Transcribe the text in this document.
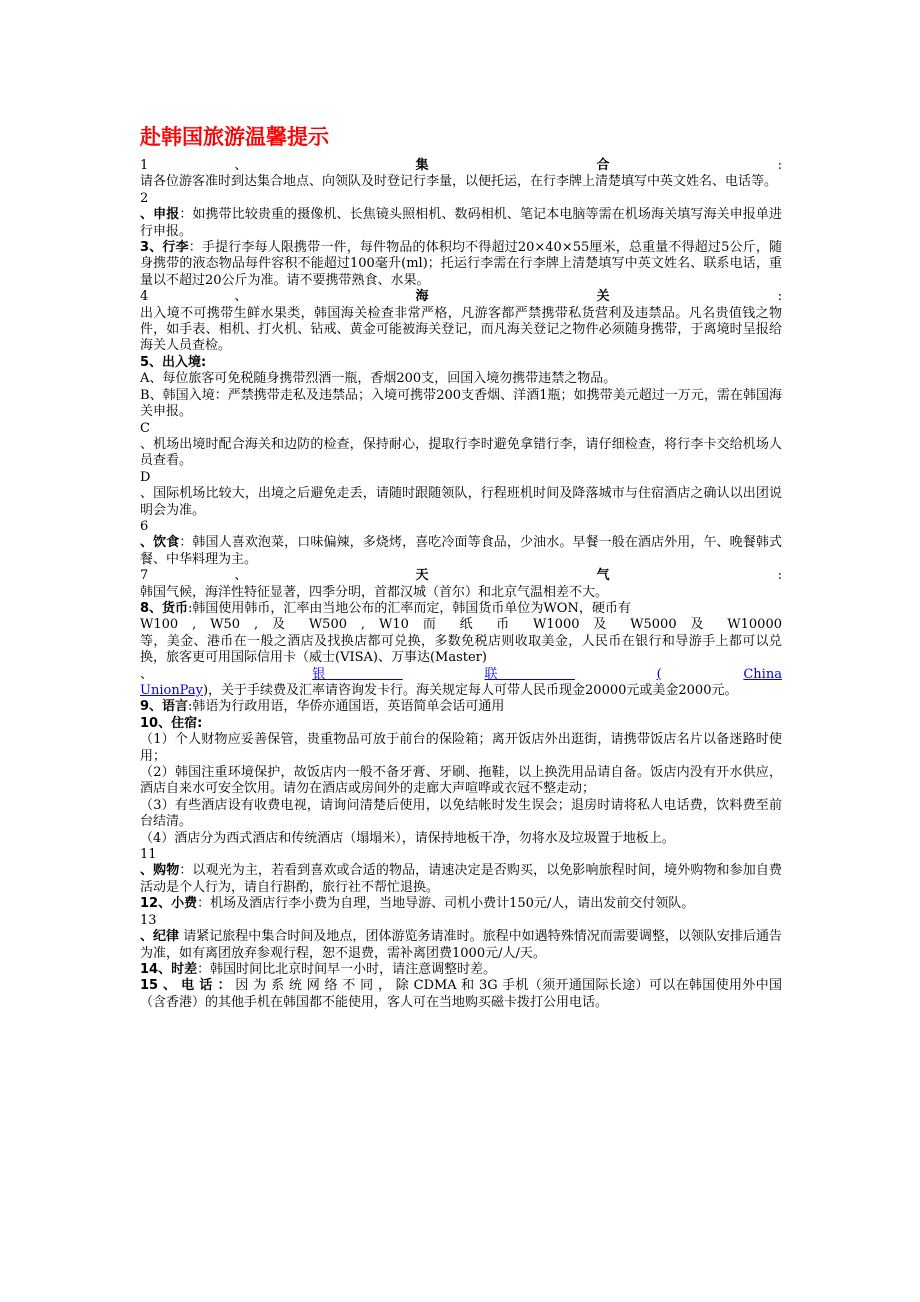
赴韩国旅游温馨提示
1	、	集	合	:
请各位游客准时到达集合地点、向领队及时登记行李量，以便托运，在行李牌上清楚填写中英文姓名、电话等。
2
、申报：如携带比较贵重的摄像机、长焦镜头照相机、数码相机、笔记本电脑等需在机场海关填写海关申报单进行申报。
3、行李：手提行李每人限携带一件，每件物品的体积均不得超过20×40×55厘米，总重量不得超过5公斤，随身携带的液态物品每件容积不能超过100毫升(ml)；托运行李需在行李牌上清楚填写中英文姓名、联系电话，重量以不超过20公斤为准。请不要携带熟食、水果。
4	、	海	关	:
出入境不可携带生鲜水果类，韩国海关检查非常严格，凡游客都严禁携带私货营利及违禁品。凡名贵值钱之物件，如手表、相机、打火机、钻戒、黄金可能被海关登记，而凡海关登记之物件必须随身携带，于离境时呈报给海关人员查检。
5、出入境:
A、每位旅客可免税随身携带烈酒一瓶，香烟200支，回国入境勿携带违禁之物品。
B、韩国入境：严禁携带走私及违禁品；入境可携带200支香烟、洋酒1瓶；如携带美元超过一万元，需在韩国海关申报。
C
、机场出境时配合海关和边防的检查，保持耐心，提取行李时避免拿错行李，请仔细检查，将行李卡交给机场人员查看。
D
、国际机场比较大，出境之后避免走丢，请随时跟随领队，行程班机时间及降落城市与住宿酒店之确认以出团说明会为准。
6
、饮食：韩国人喜欢泡菜，口味偏辣，多烧烤，喜吃冷面等食品，少油水。早餐一般在酒店外用，午、晚餐韩式餐、中华料理为主。
7	、	天	气	:
韩国气候，海洋性特征显著，四季分明，首都汉城（首尔）和北京气温相差不大。
8、货币:韩国使用韩币，汇率由当地公布的汇率而定，韩国货币单位为WON，硬币有
W100 , W50 , 及 W500 , W10 而 纸 币 W1000 及 W5000 及 W10000
等，美金、港币在一般之酒店及找换店都可兑换，多数免税店则收取美金，人民币在银行和导游手上都可以兑换，旅客更可用国际信用卡（威士(VISA)、万事达(Master)
、	银	联	(	China
UnionPay)，关于手续费及汇率请咨询发卡行。海关规定每人可带人民币现金20000元或美金2000元。
9、语言:韩语为行政用语，华侨亦通国语，英语简单会话可通用
10、住宿:
（1）个人财物应妥善保管，贵重物品可放于前台的保险箱；离开饭店外出逛街，请携带饭店名片以备迷路时使用；
（2）韩国注重环境保护，故饭店内一般不备牙膏、牙刷、拖鞋，以上换洗用品请自备。饭店内没有开水供应，酒店自来水可安全饮用。请勿在酒店或房间外的走廊大声喧哗或衣冠不整走动；
（3）有些酒店设有收费电视，请询问清楚后使用，以免结帐时发生误会；退房时请将私人电话费，饮料费至前台结清。
（4）酒店分为西式酒店和传统酒店（塌塌米），请保持地板干净，勿将水及垃圾置于地板上。
11
、购物：以观光为主，若看到喜欢或合适的物品，请速决定是否购买，以免影响旅程时间，境外购物和参加自费活动是个人行为，请自行斟酌，旅行社不帮忙退换。
12、小费：机场及酒店行李小费为自理，当地导游、司机小费计150元/人，请出发前交付领队。
13
、纪律 请紧记旅程中集合时间及地点，团体游览务请准时。旅程中如遇特殊情况而需要调整，以领队安排后通告为准，如有离团放弃参观行程，恕不退费，需补离团费1000元/人/天。
14、时差：韩国时间比北京时间早一小时，请注意调整时差。
15 、 电 话 ： 因 为 系 统 网 络 不 同 ， 除 CDMA 和 3G 手机（须开通国际长途）可以在韩国使用外中国（含香港）的其他手机在韩国都不能使用，客人可在当地购买磁卡拨打公用电话。
